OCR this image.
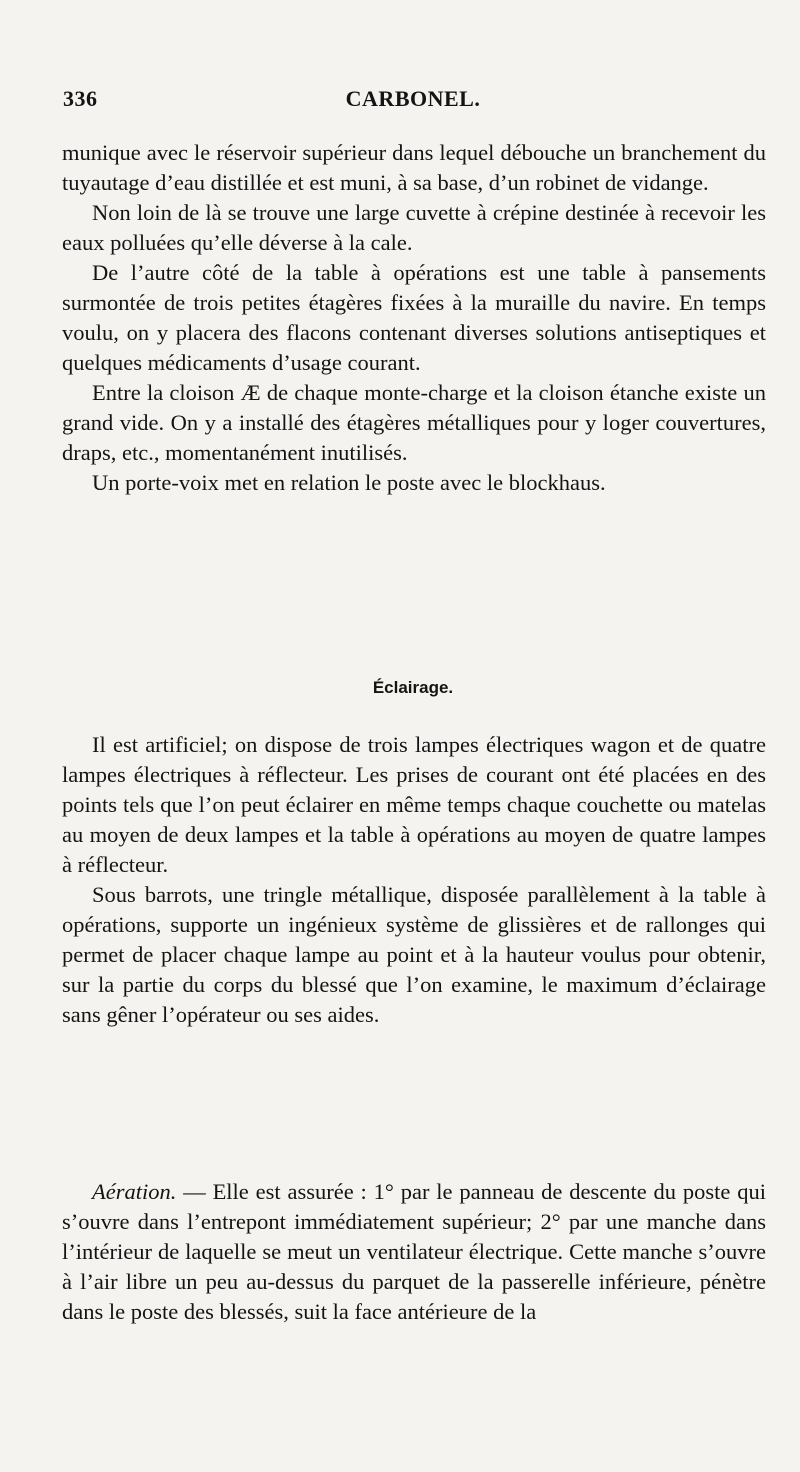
336	CARBONEL.

munique avec le réservoir supérieur dans lequel débouche un branchement du tuyautage d’eau distillée et est muni, à sa base, d’un robinet de vidange.

Non loin de là se trouve une large cuvette à crépine destinée à recevoir les eaux polluées qu’elle déverse à la cale.

De l’autre côté de la table à opérations est une table à pansements surmontée de trois petites étagères fixées à la muraille du navire. En temps voulu, on y placera des flacons contenant diverses solutions antiseptiques et quelques médicaments d’usage courant.

Entre la cloison Æ de chaque monte-charge et la cloison étanche existe un grand vide. On y a installé des étagères métalliques pour y loger couvertures, draps, etc., momentanément inutilisés.

Un porte-voix met en relation le poste avec le blockhaus.

Éclairage.

Il est artificiel; on dispose de trois lampes électriques wagon et de quatre lampes électriques à réflecteur. Les prises de courant ont été placées en des points tels que l’on peut éclairer en même temps chaque couchette ou matelas au moyen de deux lampes et la table à opérations au moyen de quatre lampes à réflecteur.

Sous barrots, une tringle métallique, disposée parallèlement à la table à opérations, supporte un ingénieux système de glissières et de rallonges qui permet de placer chaque lampe au point et à la hauteur voulus pour obtenir, sur la partie du corps du blessé que l’on examine, le maximum d’éclairage sans gêner l’opérateur ou ses aides.

Aération. — Elle est assurée : 1° par le panneau de descente du poste qui s’ouvre dans l’entrepont immédiatement supérieur; 2° par une manche dans l’intérieur de laquelle se meut un ventilateur électrique. Cette manche s’ouvre à l’air libre un peu au-dessus du parquet de la passerelle inférieure, pénètre dans le poste des blessés, suit la face antérieure de la
